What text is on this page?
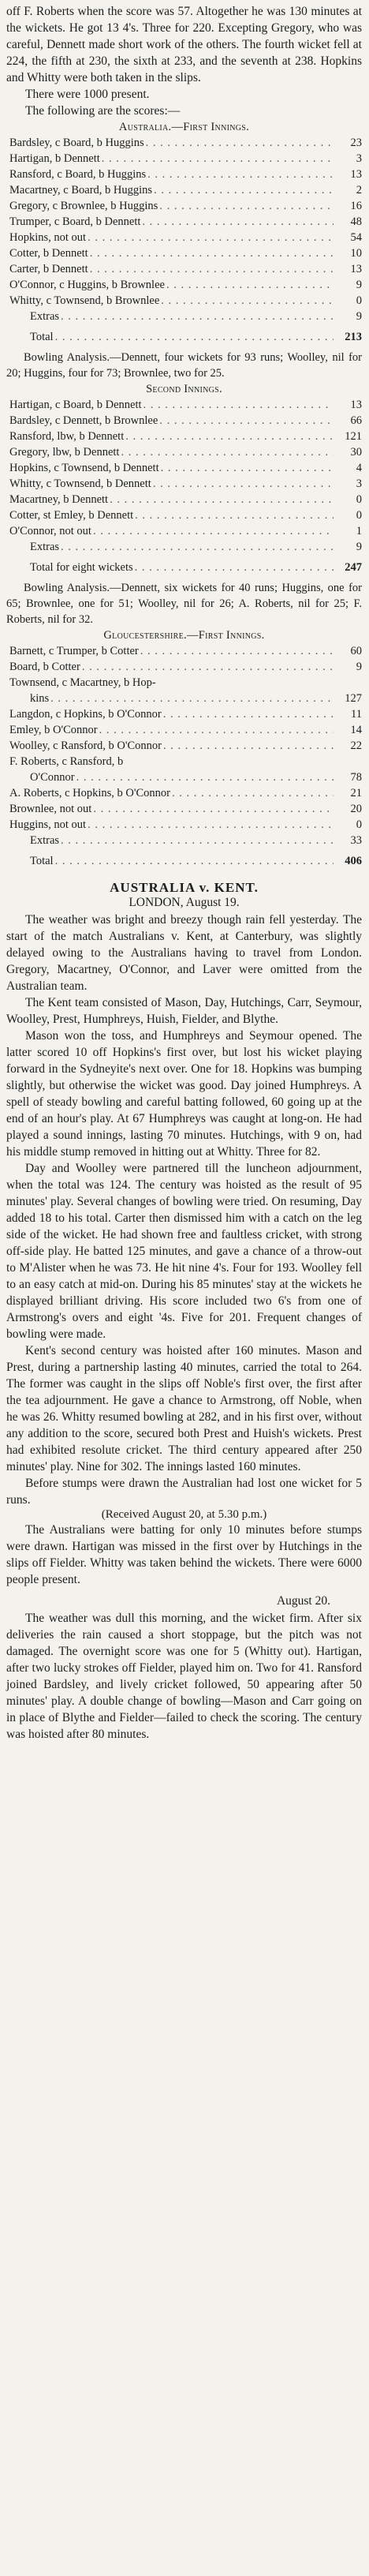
off F. Roberts when the score was 57. Altogether he was 130 minutes at the wickets. He got 13 4's. Three for 220. Excepting Gregory, who was careful, Dennett made short work of the others. The fourth wicket fell at 224, the fifth at 230, the sixth at 233, and the seventh at 238. Hopkins and Whitty were both taken in the slips.

There were 1000 present.

The following are the scores:—

Australia.—First Innings.
Bardsley, c Board, b Huggins . . .	23
Hartigan, b Dennett . . .	3
Ransford, c Board, b Huggins . . .	13
Macartney, c Board, b Huggins . . .	2
Gregory, c Brownlee, b Huggins . . .	16
Trumper, c Board, b Dennett . . .	48
Hopkins, not out . . .	54
Cotter, b Dennett . . .	10
Carter, b Dennett . . .	13
O'Connor, c Huggins, b Brownlee . . .	9
Whitty, c Townsend, b Brownlee . . .	0
Extras . . .	9
Total . . .	213

Bowling Analysis.—Dennett, four wickets for 93 runs; Woolley, nil for 20; Huggins, four for 73; Brownlee, two for 25.

Second Innings.
Hartigan, c Board, b Dennett . . .	13
Bardsley, c Dennett, b Brownlee . . .	66
Ransford, lbw, b Dennett . . .	121
Gregory, lbw, b Dennett . . .	30
Hopkins, c Townsend, b Dennett . . .	4
Whitty, c Townsend, b Dennett . . .	3
Macartney, b Dennett . . .	0
Cotter, st Emley, b Dennett . . .	0
O'Connor, not out . . .	1
Extras . . .	9
Total for eight wickets . . .	247

Bowling Analysis.—Dennett, six wickets for 40 runs; Huggins, one for 65; Brownlee, one for 51; Woolley, nil for 26; A. Roberts, nil for 25; F. Roberts, nil for 32.

Gloucestershire.—First Innings.
Barnett, c Trumper, b Cotter . . .	60
Board, b Cotter . . .	9
Townsend, c Macartney, b Hop-
kins . . .	127
Langdon, c Hopkins, b O'Connor . . .	11
Emley, b O'Connor . . .	14
Woolley, c Ransford, b O'Connor . . .	22
F. Roberts, c Ransford, b
O'Connor . . .	78
A. Roberts, c Hopkins, b O'Connor . . .	21
Brownlee, not out . . .	20
Huggins, not out . . .	0
Extras . . .	33
Total . . .	406
AUSTRALIA v. KENT.
LONDON, August 19.

The weather was bright and breezy though rain fell yesterday. The start of the match Australians v. Kent, at Canterbury, was slightly delayed owing to the Australians having to travel from London. Gregory, Macartney, O'Connor, and Laver were omitted from the Australian team.

The Kent team consisted of Mason, Day, Hutchings, Carr, Seymour, Woolley, Prest, Humphreys, Huish, Fielder, and Blythe.

Mason won the toss, and Humphreys and Seymour opened. The latter scored 10 off Hopkins's first over, but lost his wicket playing forward in the Sydneyite's next over. One for 18. Hopkins was bumping slightly, but otherwise the wicket was good. Day joined Humphreys. A spell of steady bowling and careful batting followed, 60 going up at the end of an hour's play. At 67 Humphreys was caught at long-on. He had played a sound innings, lasting 70 minutes. Hutchings, with 9 on, had his middle stump removed in hitting out at Whitty. Three for 82.

Day and Woolley were partnered till the luncheon adjournment, when the total was 124. The century was hoisted as the result of 95 minutes' play. Several changes of bowling were tried. On resuming, Day added 18 to his total. Carter then dismissed him with a catch on the leg side of the wicket. He had shown free and faultless cricket, with strong off-side play. He batted 125 minutes, and gave a chance of a throw-out to M'Alister when he was 73. He hit nine 4's. Four for 193. Woolley fell to an easy catch at mid-on. During his 85 minutes' stay at the wickets he displayed brilliant driving. His score included two 6's from one of Armstrong's overs and eight '4s. Five for 201. Frequent changes of bowling were made.

Kent's second century was hoisted after 160 minutes. Mason and Prest, during a partnership lasting 40 minutes, carried the total to 264. The former was caught in the slips off Noble's first over, the first after the tea adjournment. He gave a chance to Armstrong, off Noble, when he was 26. Whitty resumed bowling at 282, and in his first over, without any addition to the score, secured both Prest and Huish's wickets. Prest had exhibited resolute cricket. The third century appeared after 250 minutes' play. Nine for 302. The innings lasted 160 minutes.

Before stumps were drawn the Australian had lost one wicket for 5 runs.

(Received August 20, at 5.30 p.m.)

The Australians were batting for only 10 minutes before stumps were drawn. Hartigan was missed in the first over by Hutchings in the slips off Fielder. Whitty was taken behind the wickets. There were 6000 people present.

August 20.

The weather was dull this morning, and the wicket firm. After six deliveries the rain caused a short stoppage, but the pitch was not damaged. The overnight score was one for 5 (Whitty out). Hartigan, after two lucky strokes off Fielder, played him on. Two for 41. Ransford joined Bardsley, and lively cricket followed, 50 appearing after 50 minutes' play. A double change of bowling—Mason and Carr going on in place of Blythe and Fielder—failed to check the scoring. The century was hoisted after 80 minutes.
